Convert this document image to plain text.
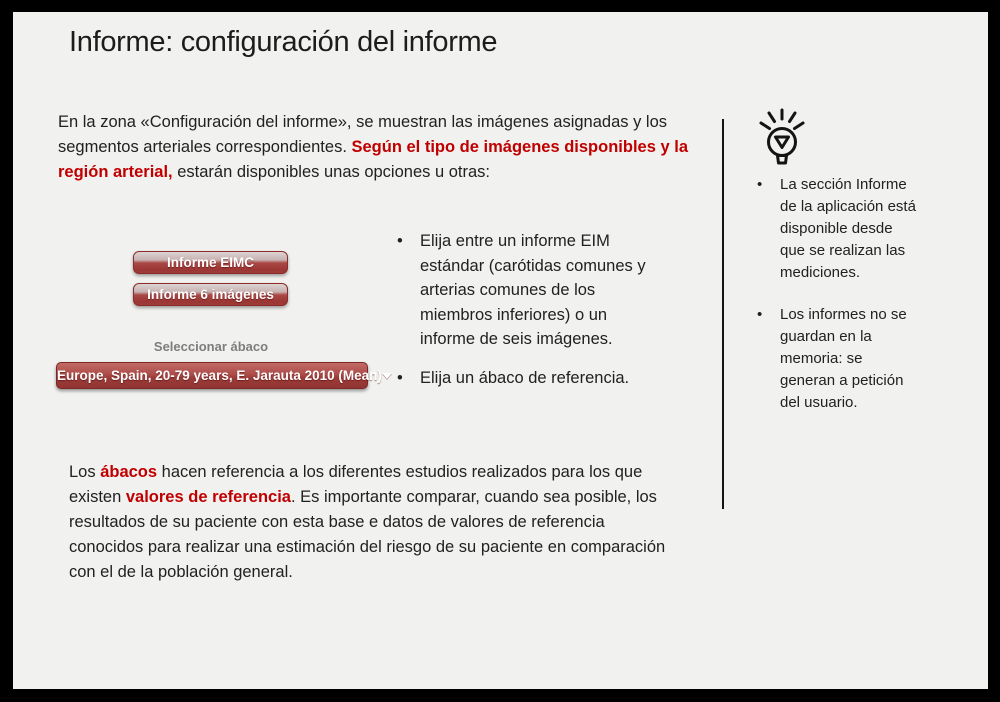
Informe: configuración del informe

En la zona «Configuración del informe», se muestran las imágenes asignadas y los segmentos arteriales correspondientes. Según el tipo de imágenes disponibles y la región arterial, estarán disponibles unas opciones u otras:

Informe EIMC
Informe 6 imágenes
Seleccionar ábaco
Europe, Spain, 20-79 years, E. Jarauta 2010 (Mean)
• Elija entre un informe EIM estándar (carótidas comunes y arterias comunes de los miembros inferiores) o un informe de seis imágenes.
• Elija un ábaco de referencia.

Los ábacos hacen referencia a los diferentes estudios realizados para los que existen valores de referencia. Es importante comparar, cuando sea posible, los resultados de su paciente con esta base e datos de valores de referencia conocidos para realizar una estimación del riesgo de su paciente en comparación con el de la población general.

• La sección Informe de la aplicación está disponible desde que se realizan las mediciones.
• Los informes no se guardan en la memoria: se generan a petición del usuario.
